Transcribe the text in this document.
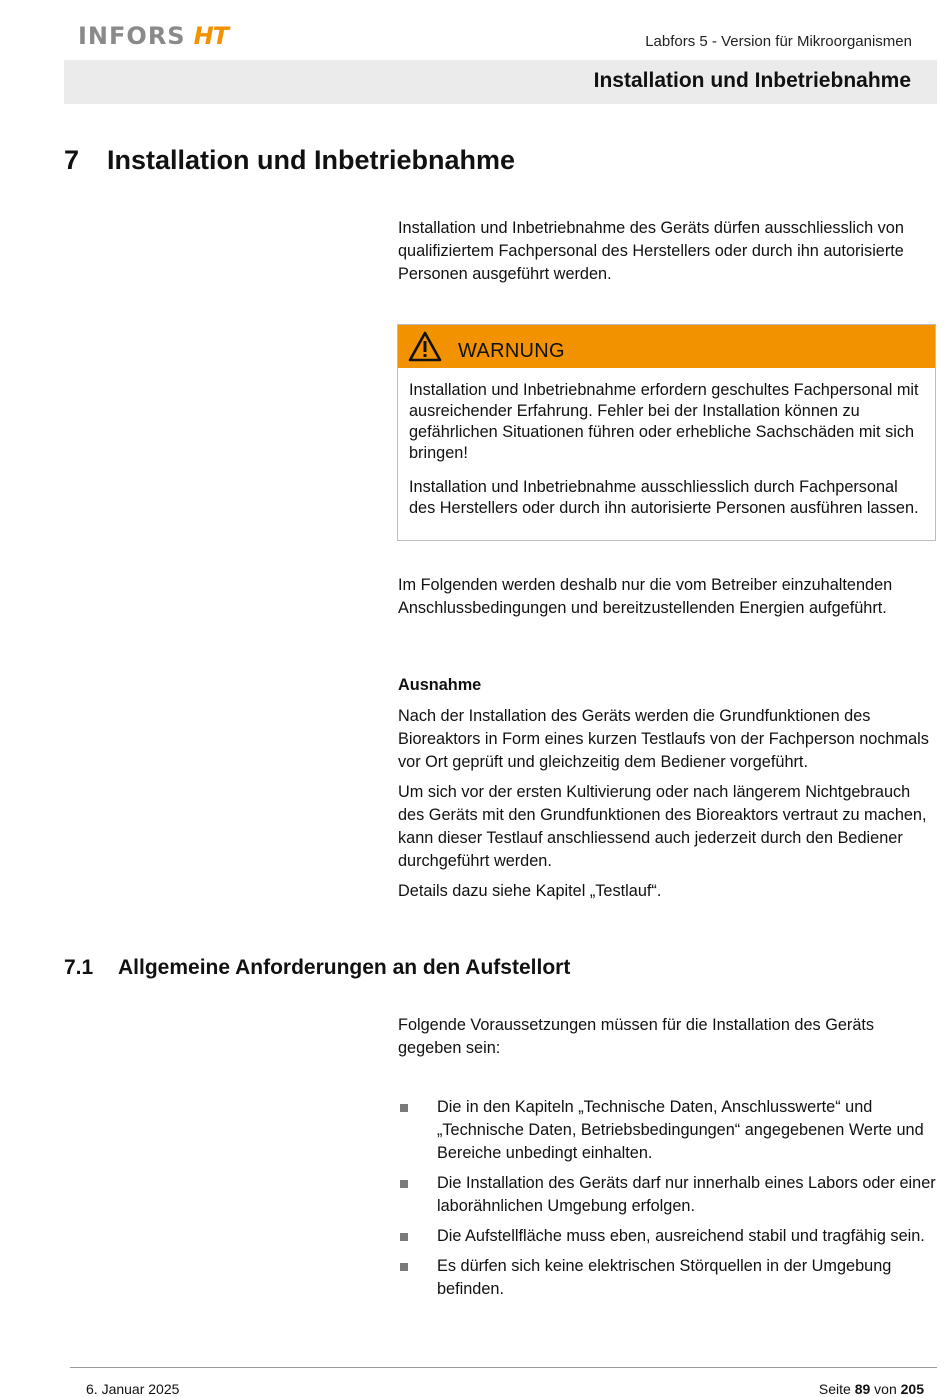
INFORS HT	Labfors 5 - Version für Mikroorganismen
Installation und Inbetriebnahme
7 Installation und Inbetriebnahme

Installation und Inbetriebnahme des Geräts dürfen ausschliesslich von qualifiziertem Fachpersonal des Herstellers oder durch ihn autorisierte Personen ausgeführt werden.

WARNUNG

Installation und Inbetriebnahme erfordern geschultes Fachpersonal mit ausreichender Erfahrung. Fehler bei der Installation können zu gefährlichen Situationen führen oder erhebliche Sachschäden mit sich bringen!

Installation und Inbetriebnahme ausschliesslich durch Fachpersonal des Herstellers oder durch ihn autorisierte Personen ausführen lassen.

Im Folgenden werden deshalb nur die vom Betreiber einzuhaltenden Anschlussbedingungen und bereitzustellenden Energien aufgeführt.

Ausnahme

Nach der Installation des Geräts werden die Grundfunktionen des Bioreaktors in Form eines kurzen Testlaufs von der Fachperson nochmals vor Ort geprüft und gleichzeitig dem Bediener vorgeführt.

Um sich vor der ersten Kultivierung oder nach längerem Nichtgebrauch des Geräts mit den Grundfunktionen des Bioreaktors vertraut zu machen, kann dieser Testlauf anschliessend auch jederzeit durch den Bediener durchgeführt werden.

Details dazu siehe Kapitel „Testlauf“.

7.1 Allgemeine Anforderungen an den Aufstellort

Folgende Voraussetzungen müssen für die Installation des Geräts gegeben sein:

Die in den Kapiteln „Technische Daten, Anschlusswerte“ und „Technische Daten, Betriebsbedingungen“ angegebenen Werte und Bereiche unbedingt einhalten.
Die Installation des Geräts darf nur innerhalb eines Labors oder einer laborähnlichen Umgebung erfolgen.
Die Aufstellfläche muss eben, ausreichend stabil und tragfähig sein.
Es dürfen sich keine elektrischen Störquellen in der Umgebung befinden.
6. Januar 2025	Seite 89 von 205
